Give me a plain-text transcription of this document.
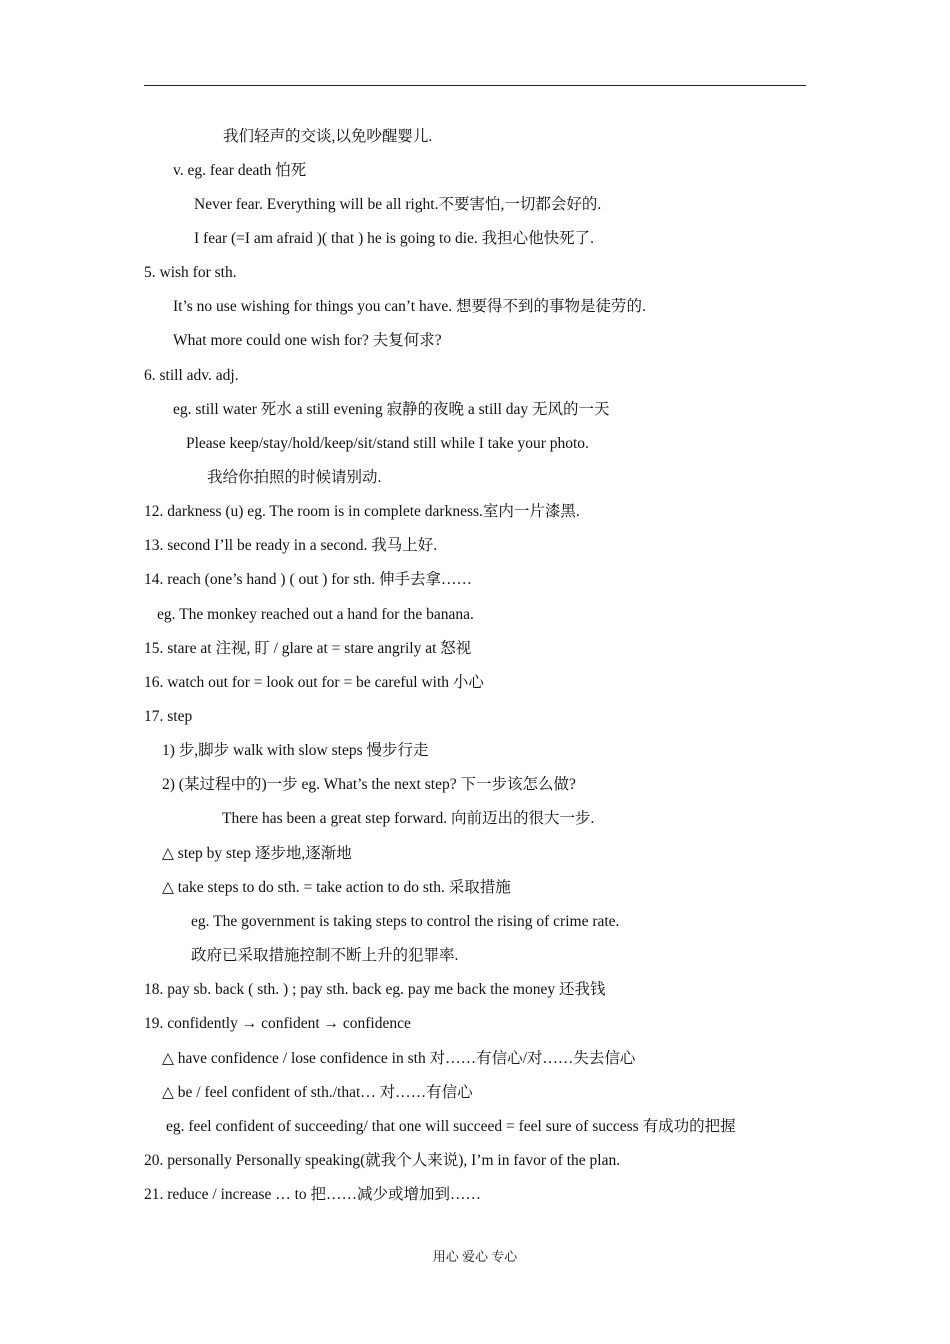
我们轻声的交谈,以免吵醒婴儿.
v. eg. fear death 怕死
Never fear. Everything will be all right.不要害怕,一切都会好的.
I fear (=I am afraid )( that ) he is going to die. 我担心他快死了.
5. wish for sth.
It’s no use wishing for things you can’t have. 想要得不到的事物是徒劳的.
What more could one wish for? 夫复何求?
6. still adv. adj.
eg. still water 死水 a still evening 寂静的夜晚 a still day 无风的一天
Please keep/stay/hold/keep/sit/stand still while I take your photo.
我给你拍照的时候请别动.
12. darkness (u) eg. The room is in complete darkness.室内一片漆黑.
13. second I’ll be ready in a second. 我马上好.
14. reach (one’s hand ) ( out ) for sth. 伸手去拿……
eg. The monkey reached out a hand for the banana.
15. stare at 注视, 盯 / glare at = stare angrily at 怒视
16. watch out for = look out for = be careful with 小心
17. step
1) 步,脚步 walk with slow steps 慢步行走
2) (某过程中的)一步 eg. What’s the next step? 下一步该怎么做?
There has been a great step forward. 向前迈出的很大一步.
△ step by step 逐步地,逐渐地
△ take steps to do sth. = take action to do sth. 采取措施
eg. The government is taking steps to control the rising of crime rate.
政府已采取措施控制不断上升的犯罪率.
18. pay sb. back ( sth. ) ; pay sth. back eg. pay me back the money 还我钱
19. confidently → confident → confidence
△ have confidence / lose confidence in sth 对……有信心/对……失去信心
△ be / feel confident of sth./that… 对……有信心
eg. feel confident of succeeding/ that one will succeed = feel sure of success 有成功的把握
20. personally Personally speaking(就我个人来说), I’m in favor of the plan.
21. reduce / increase … to 把……减少或增加到……
用心 爱心 专心
